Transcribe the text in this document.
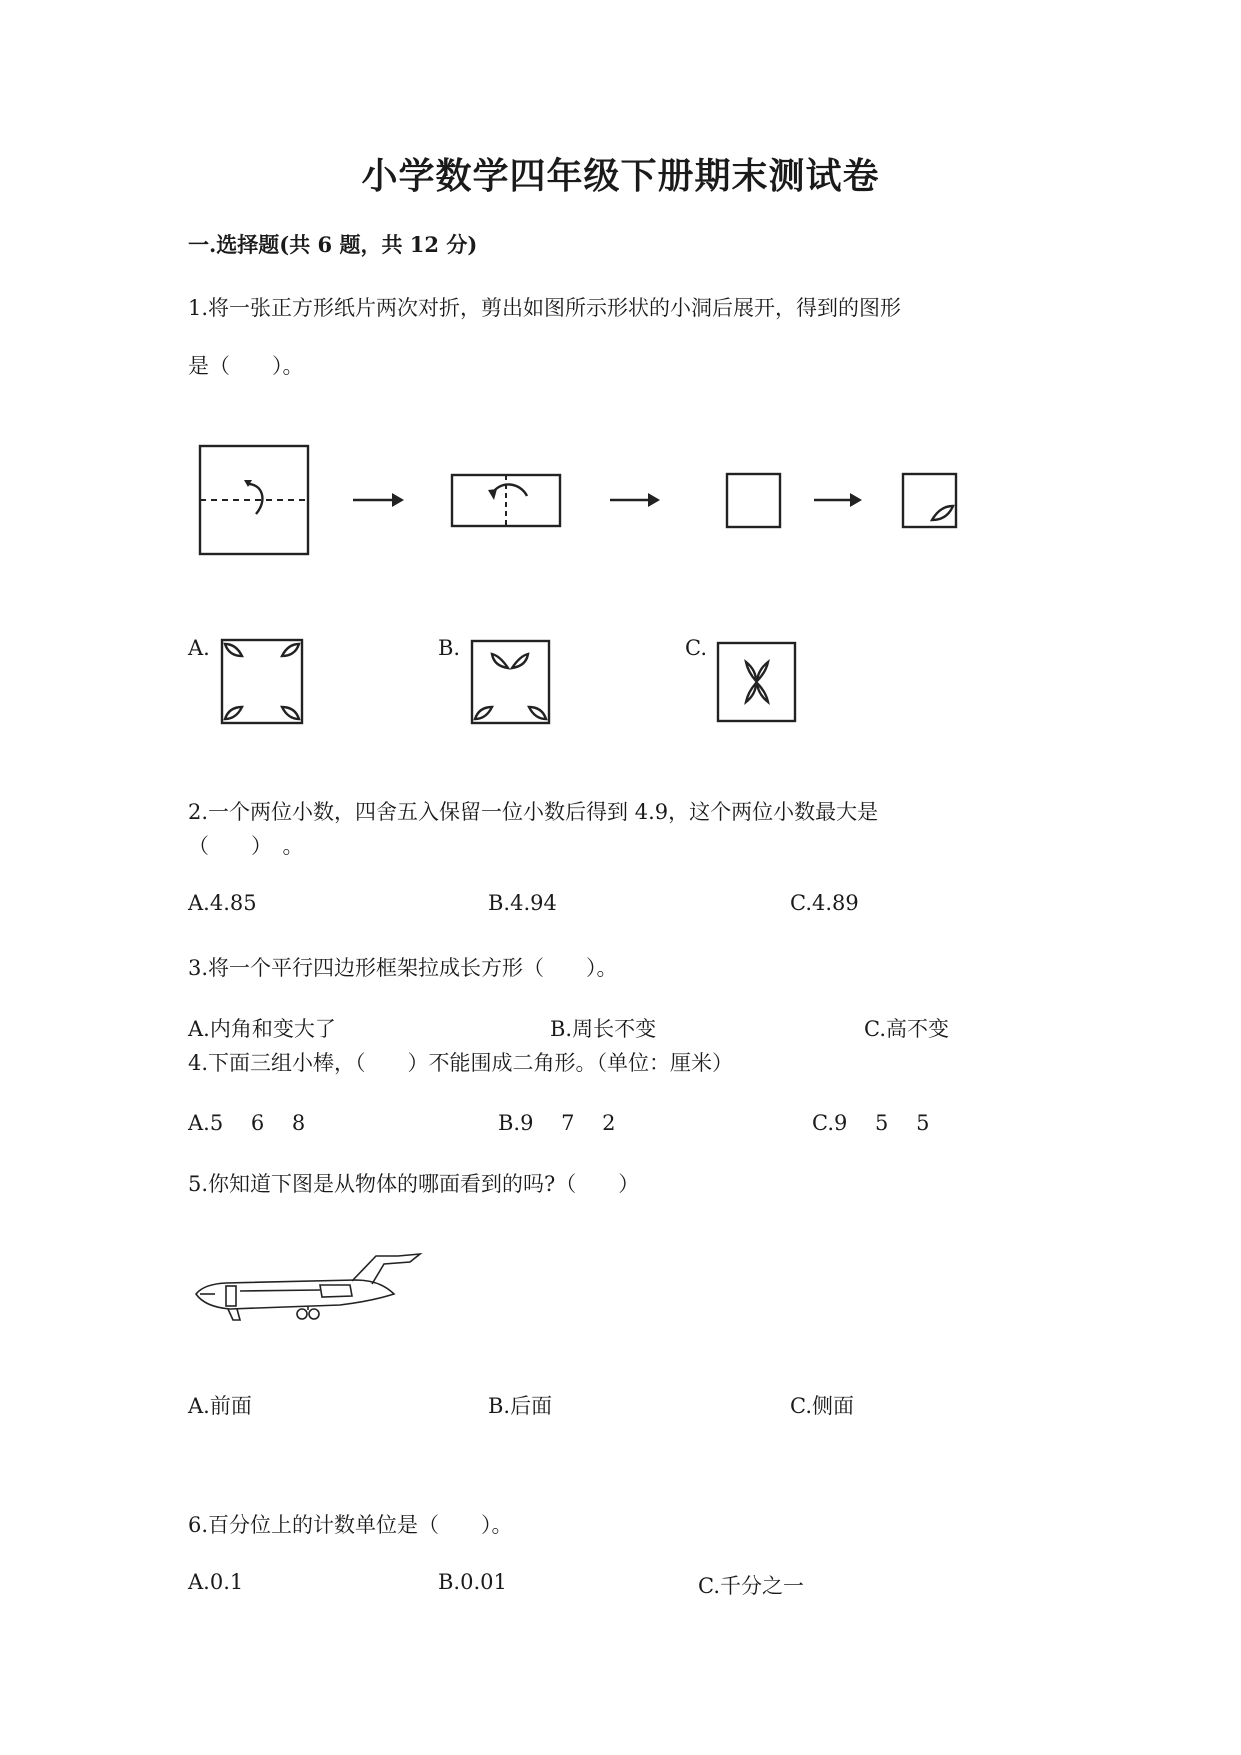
小学数学四年级下册期末测试卷
一.选择题(共 6 题，共 12 分)
1.将一张正方形纸片两次对折，剪出如图所示形状的小洞后展开，得到的图形
是（　　）。
A.	B.	C.
2.一个两位小数，四舍五入保留一位小数后得到 4.9，这个两位小数最大是
（　　）　。
A.4.85	B.4.94	C.4.89
3.将一个平行四边形框架拉成长方形（　　）。
A.内角和变大了	B.周长不变	C.高不变
4.下面三组小棒，（　　）不能围成二角形。（单位：厘米）
A.5　 6　 8	B.9　 7　 2	C.9　 5　 5
5.你知道下图是从物体的哪面看到的吗?（　　）
A.前面	B.后面	C.侧面
6.百分位上的计数单位是（　　）。
A.0.1	B.0.01	C.千分之一
